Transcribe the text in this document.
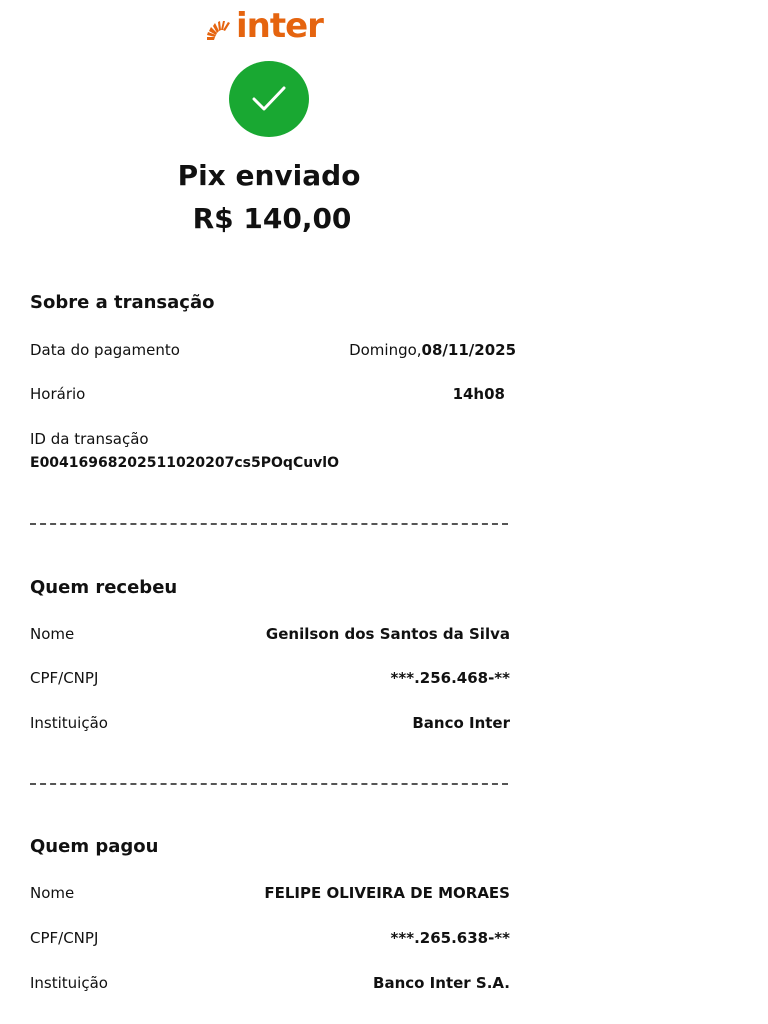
inter
Pix enviado
R$ 140,00
Sobre a transação
Data do pagamento	Domingo,08/11/2025
Horário	14h08
ID da transação
E00416968202511020207cs5POqCuvlO
Quem recebeu
Nome	Genilson dos Santos da Silva
CPF/CNPJ	***.256.468-**
Instituição	Banco Inter
Quem pagou
Nome	FELIPE OLIVEIRA DE MORAES
CPF/CNPJ	***.265.638-**
Instituição	Banco Inter S.A.
